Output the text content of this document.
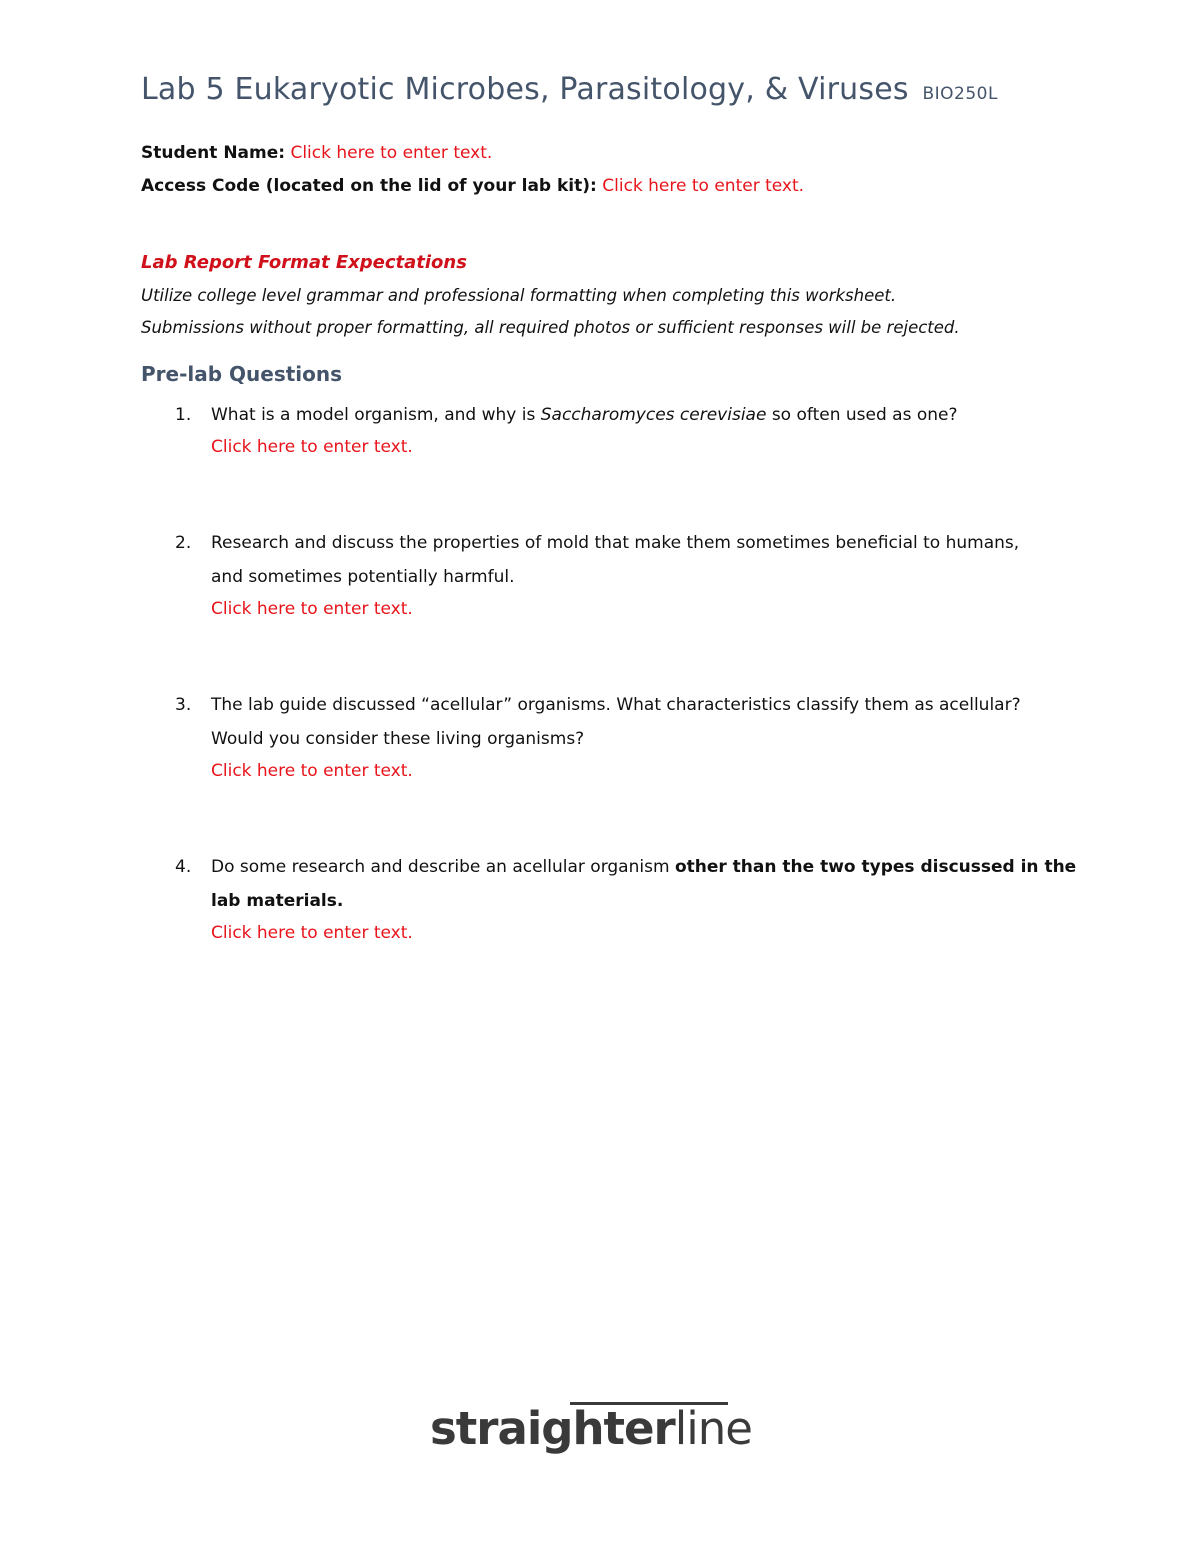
Lab 5 Eukaryotic Microbes, Parasitology, & Viruses BIO250L
Student Name: Click here to enter text.
Access Code (located on the lid of your lab kit): Click here to enter text.
Lab Report Format Expectations
Utilize college level grammar and professional formatting when completing this worksheet.
Submissions without proper formatting, all required photos or sufficient responses will be rejected.
Pre-lab Questions
1. What is a model organism, and why is Saccharomyces cerevisiae so often used as one?
Click here to enter text.
2. Research and discuss the properties of mold that make them sometimes beneficial to humans,
and sometimes potentially harmful.
Click here to enter text.
3. The lab guide discussed “acellular” organisms. What characteristics classify them as acellular?
Would you consider these living organisms?
Click here to enter text.
4. Do some research and describe an acellular organism other than the two types discussed in the
lab materials.
Click here to enter text.
straighterline
